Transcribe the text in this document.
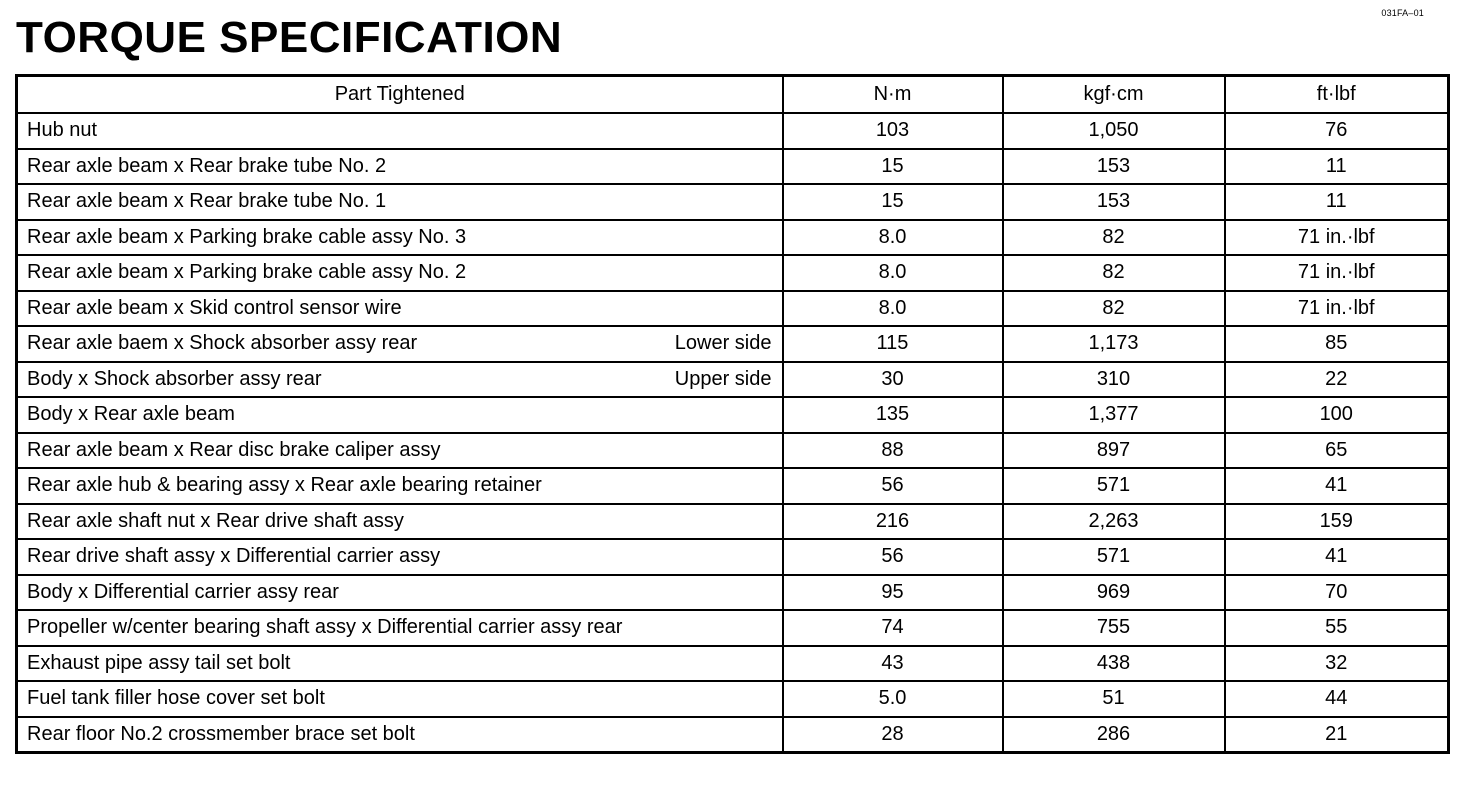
031FA–01
TORQUE SPECIFICATION
Part Tightened	N·m	kgf·cm	ft·lbf

Hub nut	103	1,050	76

Rear axle beam x Rear brake tube No. 2	15	153	11

Rear axle beam x Rear brake tube No. 1	15	153	11

Rear axle beam x Parking brake cable assy No. 3	8.0	82	71 in.·lbf

Rear axle beam x Parking brake cable assy No. 2	8.0	82	71 in.·lbf

Rear axle beam x Skid control sensor wire	8.0	82	71 in.·lbf

Rear axle baem x Shock absorber assy rear Lower side	115	1,173	85

Body x Shock absorber assy rear Upper side	30	310	22

Body x Rear axle beam	135	1,377	100

Rear axle beam x Rear disc brake caliper assy	88	897	65

Rear axle hub & bearing assy x Rear axle bearing retainer	56	571	41

Rear axle shaft nut x Rear drive shaft assy	216	2,263	159

Rear drive shaft assy x Differential carrier assy	56	571	41

Body x Differential carrier assy rear	95	969	70

Propeller w/center bearing shaft assy x Differential carrier assy rear	74	755	55

Exhaust pipe assy tail set bolt	43	438	32

Fuel tank filler hose cover set bolt	5.0	51	44

Rear floor No.2 crossmember brace set bolt	28	286	21
